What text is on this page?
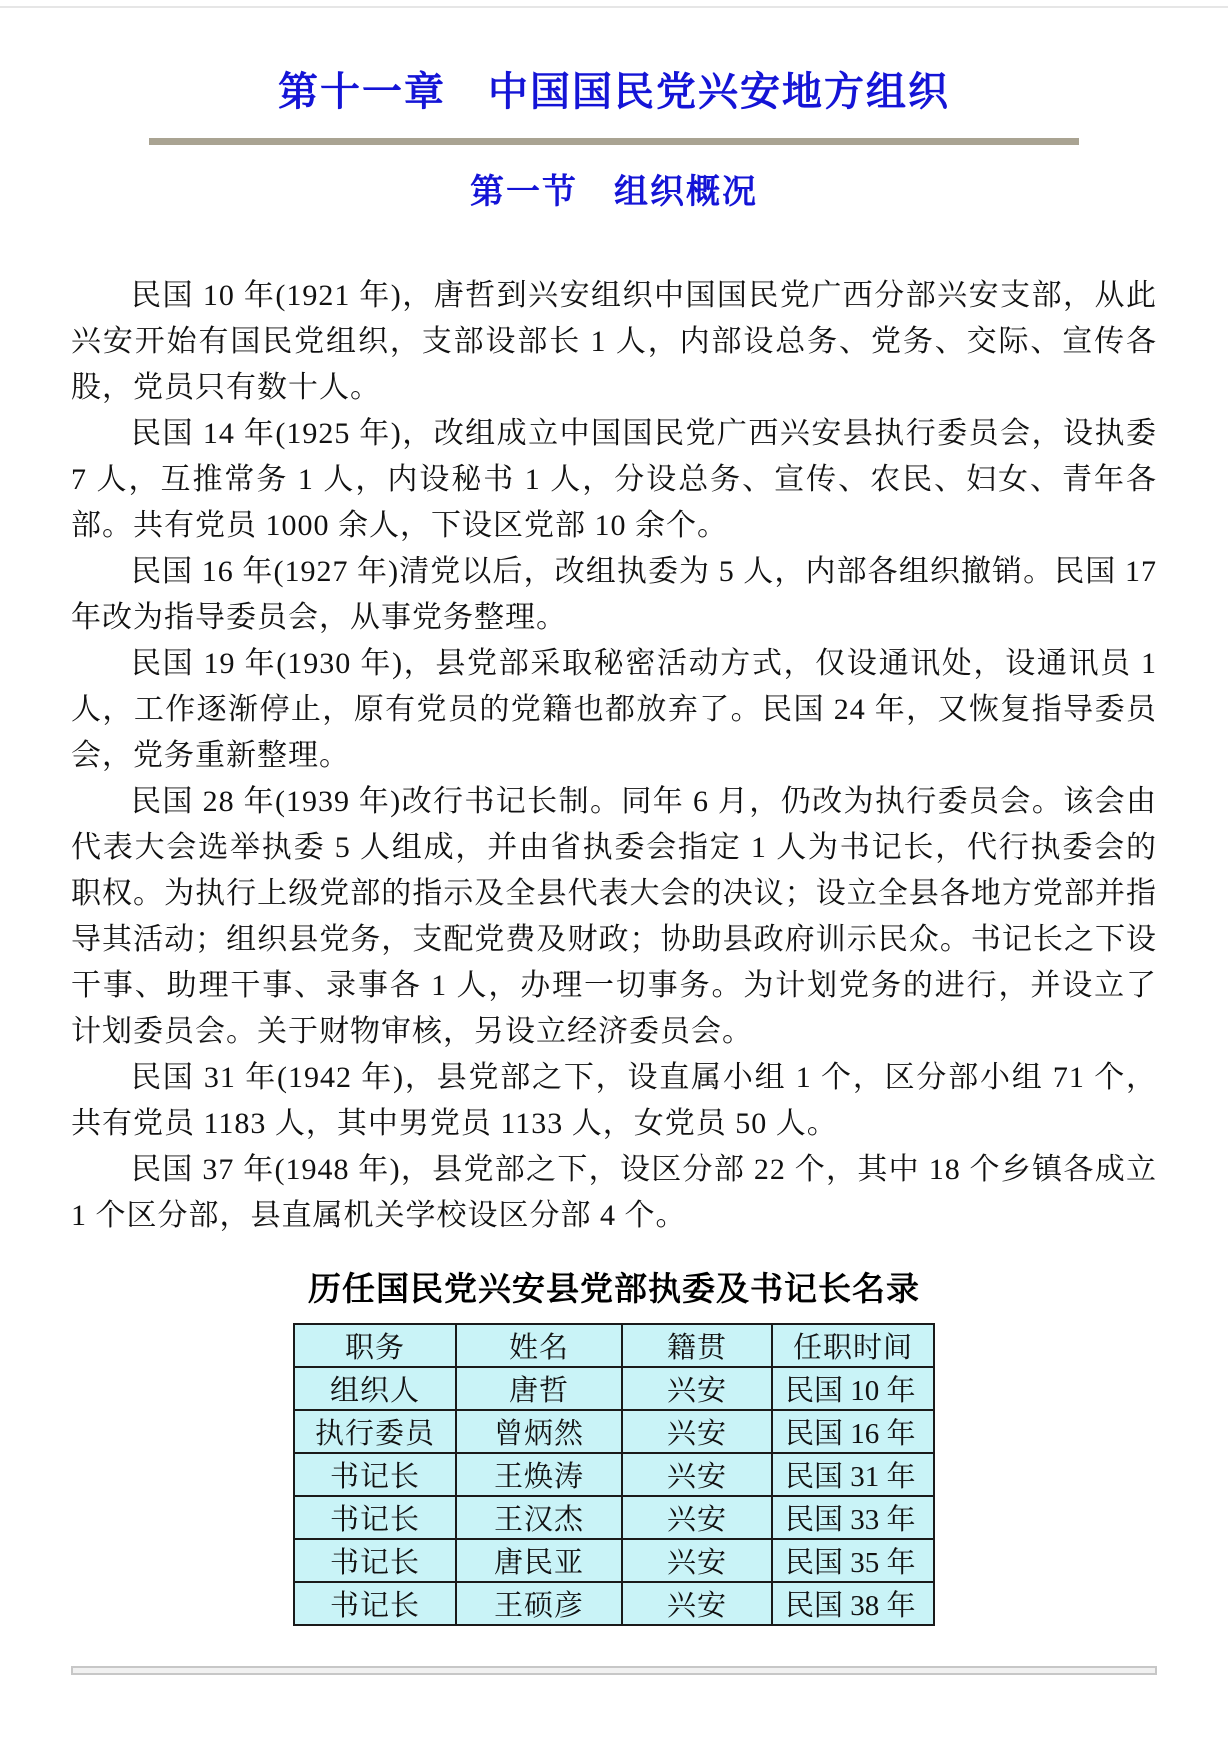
第十一章　中国国民党兴安地方组织
第一节　组织概况

民国 10 年(1921 年)，唐哲到兴安组织中国国民党广西分部兴安支部，从此兴安开始有国民党组织，支部设部长 1 人，内部设总务、党务、交际、宣传各股，党员只有数十人。

民国 14 年(1925 年)，改组成立中国国民党广西兴安县执行委员会，设执委 7 人，互推常务 1 人，内设秘书 1 人，分设总务、宣传、农民、妇女、青年各部。共有党员 1000 余人，下设区党部 10 余个。

民国 16 年(1927 年)清党以后，改组执委为 5 人，内部各组织撤销。民国 17 年改为指导委员会，从事党务整理。

民国 19 年(1930 年)，县党部采取秘密活动方式，仅设通讯处，设通讯员 1 人，工作逐渐停止，原有党员的党籍也都放弃了。民国 24 年，又恢复指导委员会，党务重新整理。

民国 28 年(1939 年)改行书记长制。同年 6 月，仍改为执行委员会。该会由代表大会选举执委 5 人组成，并由省执委会指定 1 人为书记长，代行执委会的职权。为执行上级党部的指示及全县代表大会的决议；设立全县各地方党部并指导其活动；组织县党务，支配党费及财政；协助县政府训示民众。书记长之下设干事、助理干事、录事各 1 人，办理一切事务。为计划党务的进行，并设立了计划委员会。关于财物审核，另设立经济委员会。

民国 31 年(1942 年)，县党部之下，设直属小组 1 个，区分部小组 71 个，共有党员 1183 人，其中男党员 1133 人，女党员 50 人。

民国 37 年(1948 年)，县党部之下，设区分部 22 个，其中 18 个乡镇各成立 1 个区分部，县直属机关学校设区分部 4 个。

历任国民党兴安县党部执委及书记长名录

职务	姓名	籍贯	任职时间
组织人	唐哲	兴安	民国 10 年
执行委员	曾炳然	兴安	民国 16 年
书记长	王焕涛	兴安	民国 31 年
书记长	王汉杰	兴安	民国 33 年
书记长	唐民亚	兴安	民国 35 年
书记长	王硕彦	兴安	民国 38 年
